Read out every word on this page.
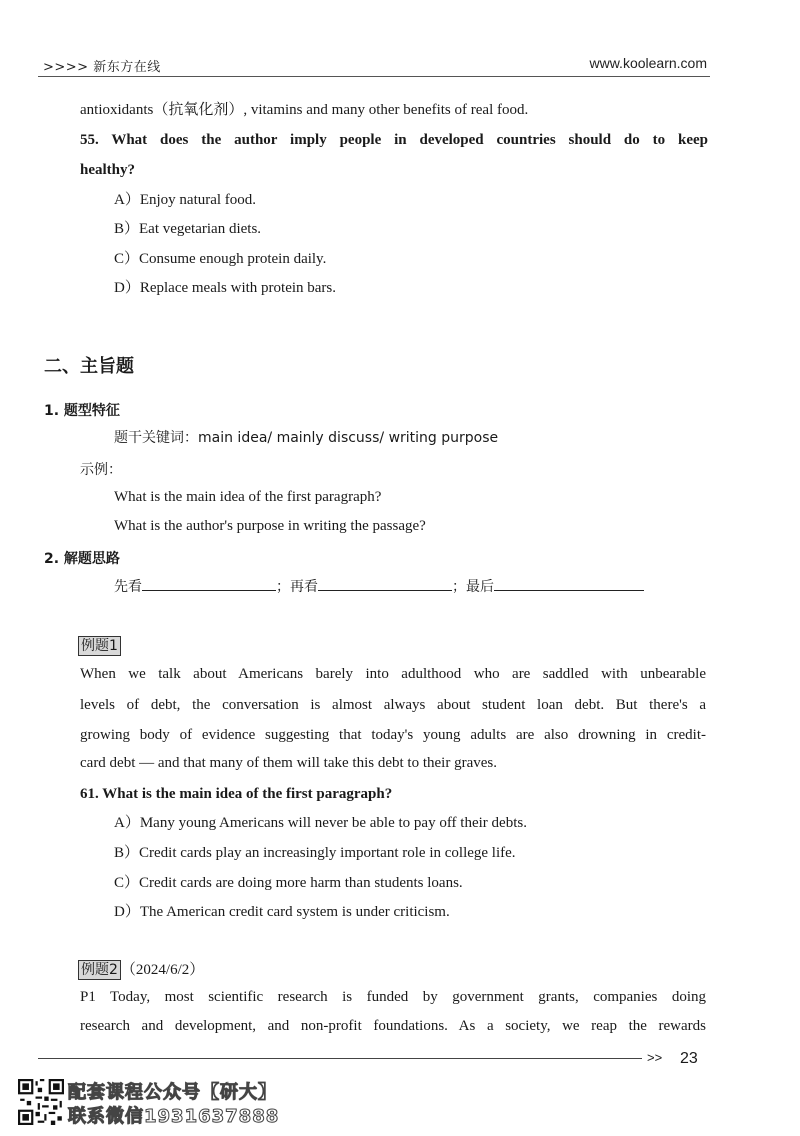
>>>> 新东方在线	www.koolearn.com
antioxidants（抗氧化剂）, vitamins and many other benefits of real food.
55. What does the author imply people in developed countries should do to keep
healthy?
A）Enjoy natural food.
B）Eat vegetarian diets.
C）Consume enough protein daily.
D）Replace meals with protein bars.
二、主旨题
1. 题型特征
题干关键词：main idea/ mainly discuss/ writing purpose
示例：
What is the main idea of the first paragraph?
What is the author's purpose in writing the passage?
2. 解题思路
先看	；再看	；最后
例题1
When we talk about Americans barely into adulthood who are saddled with unbearable
levels of debt, the conversation is almost always about student loan debt. But there's a
growing body of evidence suggesting that today's young adults are also drowning in credit-
card debt — and that many of them will take this debt to their graves.
61. What is the main idea of the first paragraph?
A）Many young Americans will never be able to pay off their debts.
B）Credit cards play an increasingly important role in college life.
C）Credit cards are doing more harm than students loans.
D）The American credit card system is under criticism.
例题2 （2024/6/2）
P1 Today, most scientific research is funded by government grants, companies doing
research and development, and non-profit foundations. As a society, we reap the rewards
>> 23
配套课程公众号【研大】
联系微信1931637888
